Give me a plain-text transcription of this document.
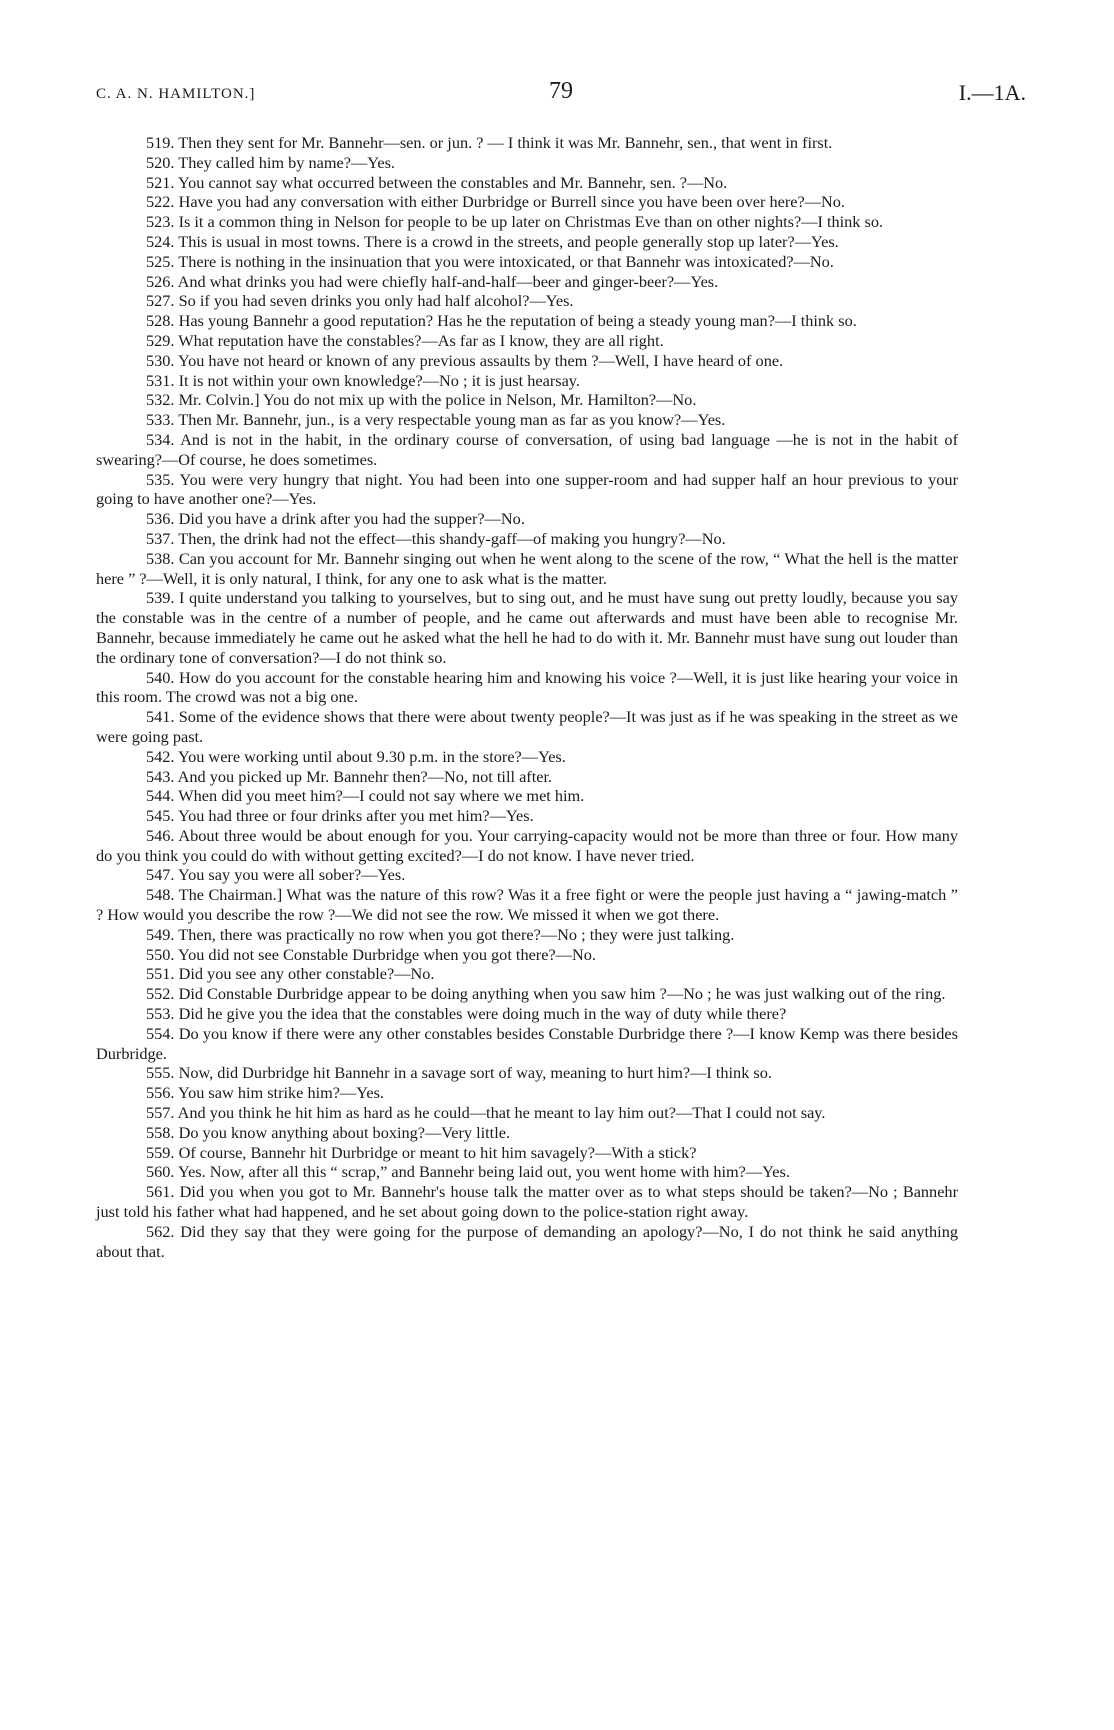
C. A. N. HAMILTON.]	79	I.—1A.

519. Then they sent for Mr. Bannehr—sen. or jun. ? — I think it was Mr. Bannehr, sen., that went in first.

520. They called him by name?—Yes.

521. You cannot say what occurred between the constables and Mr. Bannehr, sen. ?—No.

522. Have you had any conversation with either Durbridge or Burrell since you have been over here?—No.

523. Is it a common thing in Nelson for people to be up later on Christmas Eve than on other nights?—I think so.

524. This is usual in most towns. There is a crowd in the streets, and people generally stop up later?—Yes.

525. There is nothing in the insinuation that you were intoxicated, or that Bannehr was intoxicated?—No.

526. And what drinks you had were chiefly half-and-half—beer and ginger-beer?—Yes.

527. So if you had seven drinks you only had half alcohol?—Yes.

528. Has young Bannehr a good reputation? Has he the reputation of being a steady young man?—I think so.

529. What reputation have the constables?—As far as I know, they are all right.

530. You have not heard or known of any previous assaults by them ?—Well, I have heard of one.

531. It is not within your own knowledge?—No ; it is just hearsay.

532. Mr. Colvin.] You do not mix up with the police in Nelson, Mr. Hamilton?—No.

533. Then Mr. Bannehr, jun., is a very respectable young man as far as you know?—Yes.

534. And is not in the habit, in the ordinary course of conversation, of using bad language —he is not in the habit of swearing?—Of course, he does sometimes.

535. You were very hungry that night. You had been into one supper-room and had supper half an hour previous to your going to have another one?—Yes.

536. Did you have a drink after you had the supper?—No.

537. Then, the drink had not the effect—this shandy-gaff—of making you hungry?—No.

538. Can you account for Mr. Bannehr singing out when he went along to the scene of the row, “ What the hell is the matter here ” ?—Well, it is only natural, I think, for any one to ask what is the matter.

539. I quite understand you talking to yourselves, but to sing out, and he must have sung out pretty loudly, because you say the constable was in the centre of a number of people, and he came out afterwards and must have been able to recognise Mr. Bannehr, because immediately he came out he asked what the hell he had to do with it. Mr. Bannehr must have sung out louder than the ordinary tone of conversation?—I do not think so.

540. How do you account for the constable hearing him and knowing his voice ?—Well, it is just like hearing your voice in this room. The crowd was not a big one.

541. Some of the evidence shows that there were about twenty people?—It was just as if he was speaking in the street as we were going past.

542. You were working until about 9.30 p.m. in the store?—Yes.

543. And you picked up Mr. Bannehr then?—No, not till after.

544. When did you meet him?—I could not say where we met him.

545. You had three or four drinks after you met him?—Yes.

546. About three would be about enough for you. Your carrying-capacity would not be more than three or four. How many do you think you could do with without getting excited?—I do not know. I have never tried.

547. You say you were all sober?—Yes.

548. The Chairman.] What was the nature of this row? Was it a free fight or were the people just having a “ jawing-match ” ? How would you describe the row ?—We did not see the row. We missed it when we got there.

549. Then, there was practically no row when you got there?—No ; they were just talking.

550. You did not see Constable Durbridge when you got there?—No.

551. Did you see any other constable?—No.

552. Did Constable Durbridge appear to be doing anything when you saw him ?—No ; he was just walking out of the ring.

553. Did he give you the idea that the constables were doing much in the way of duty while there?

554. Do you know if there were any other constables besides Constable Durbridge there ?—I know Kemp was there besides Durbridge.

555. Now, did Durbridge hit Bannehr in a savage sort of way, meaning to hurt him?—I think so.

556. You saw him strike him?—Yes.

557. And you think he hit him as hard as he could—that he meant to lay him out?—That I could not say.

558. Do you know anything about boxing?—Very little.

559. Of course, Bannehr hit Durbridge or meant to hit him savagely?—With a stick?

560. Yes. Now, after all this “ scrap,” and Bannehr being laid out, you went home with him?—Yes.

561. Did you when you got to Mr. Bannehr's house talk the matter over as to what steps should be taken?—No ; Bannehr just told his father what had happened, and he set about going down to the police-station right away.

562. Did they say that they were going for the purpose of demanding an apology?—No, I do not think he said anything about that.
